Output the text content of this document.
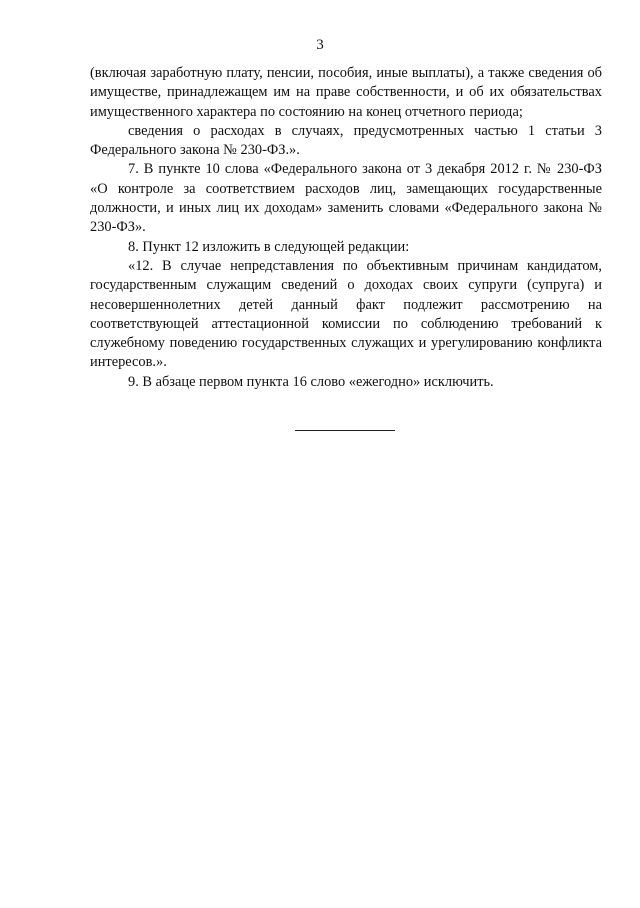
3

(включая заработную плату, пенсии, пособия, иные выплаты), а также сведения об имуществе, принадлежащем им на праве собственности, и об их обязательствах имущественного характера по состоянию на конец отчетного периода;

сведения о расходах в случаях, предусмотренных частью 1 статьи 3 Федерального закона № 230-ФЗ.».

7. В пункте 10 слова «Федерального закона от 3 декабря 2012 г. № 230-ФЗ «О контроле за соответствием расходов лиц, замещающих государственные должности, и иных лиц их доходам» заменить словами «Федерального закона № 230-ФЗ».

8. Пункт 12 изложить в следующей редакции:

«12. В случае непредставления по объективным причинам кандидатом, государственным служащим сведений о доходах своих супруги (супруга) и несовершеннолетних детей данный факт подлежит рассмотрению на соответствующей аттестационной комиссии по соблюдению требований к служебному поведению государственных служащих и урегулированию конфликта интересов.».

9. В абзаце первом пункта 16 слово «ежегодно» исключить.
